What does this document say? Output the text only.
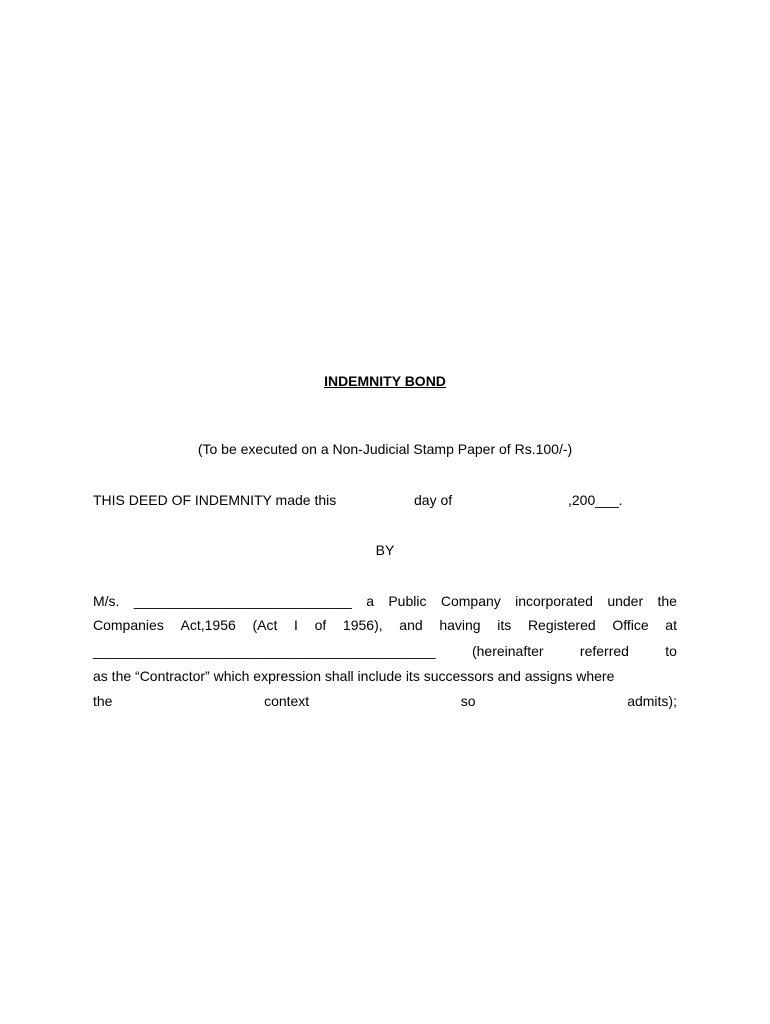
INDEMNITY BOND
(To be executed on a Non-Judicial Stamp Paper of Rs.100/-)
THIS DEED OF INDEMNITY made this	day of	,200___.
BY
M/s. ____________________________ a Public Company incorporated under the
Companies Act,1956 (Act I of 1956), and having its Registered Office at
____________________________________________	(hereinafter	referred	to
as the “Contractor” which expression shall include its successors and assigns where
the	context	so	admits);
